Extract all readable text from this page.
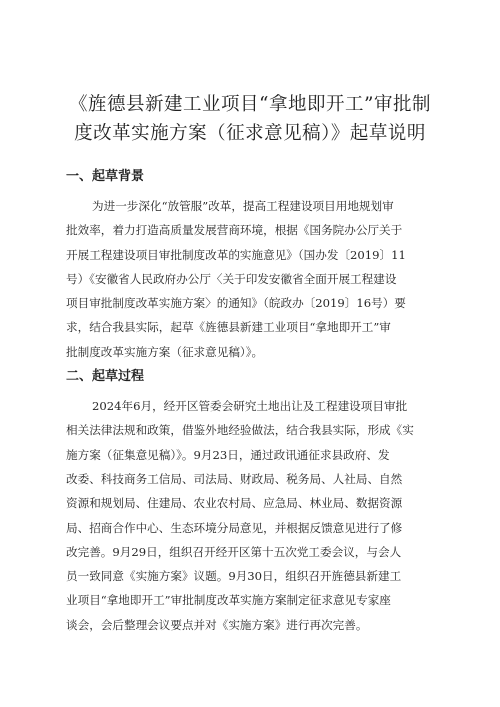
《旌德县新建工业项目“拿地即开工”审批制
度改革实施方案（征求意见稿）》起草说明
一、起草背景

为进一步深化“放管服”改革，提高工程建设项目用地规划审
批效率，着力打造高质量发展营商环境，根据《国务院办公厅关于
开展工程建设项目审批制度改革的实施意见》（国办发〔2019〕11
号）《安徽省人民政府办公厅〈关于印发安徽省全面开展工程建设
项目审批制度改革实施方案〉的通知》（皖政办〔2019〕16号）要
求，结合我县实际，起草《旌德县新建工业项目“拿地即开工”审
批制度改革实施方案（征求意见稿）》。

二、起草过程

2024年6月，经开区管委会研究土地出让及工程建设项目审批
相关法律法规和政策，借鉴外地经验做法，结合我县实际，形成《实
施方案（征集意见稿）》。9月23日，通过政讯通征求县政府、发
改委、科技商务工信局、司法局、财政局、税务局、人社局、自然
资源和规划局、住建局、农业农村局、应急局、林业局、数据资源
局、招商合作中心、生态环境分局意见，并根据反馈意见进行了修
改完善。9月29日，组织召开经开区第十五次党工委会议，与会人
员一致同意《实施方案》议题。9月30日，组织召开旌德县新建工
业项目“拿地即开工”审批制度改革实施方案制定征求意见专家座
谈会，会后整理会议要点并对《实施方案》进行再次完善。
